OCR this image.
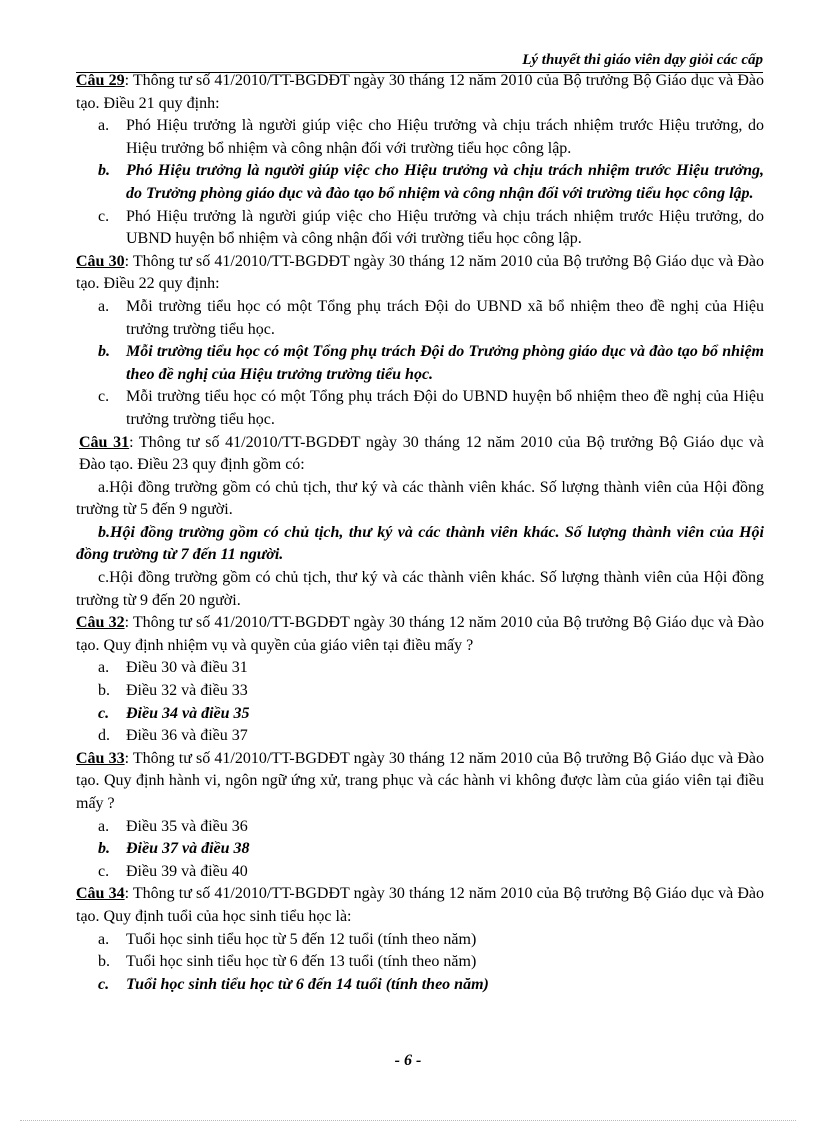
Lý thuyết thi giáo viên dạy giỏi các cấp
Câu 29: Thông tư số 41/2010/TT-BGDĐT ngày 30 tháng 12 năm 2010 của Bộ trưởng Bộ Giáo dục và Đào tạo. Điều 21 quy định:
a.	Phó Hiệu trưởng là người giúp việc cho Hiệu trưởng và chịu trách nhiệm trước Hiệu trưởng, do Hiệu trưởng bổ nhiệm và công nhận đối với trường tiểu học công lập.
b.	Phó Hiệu trưởng là người giúp việc cho Hiệu trưởng và chịu trách nhiệm trước Hiệu trưởng, do Trưởng phòng giáo dục và đào tạo bổ nhiệm và công nhận đối với trường tiểu học công lập.
c.	Phó Hiệu trưởng là người giúp việc cho Hiệu trưởng và chịu trách nhiệm trước Hiệu trưởng, do UBND huyện bổ nhiệm và công nhận đối với trường tiểu học công lập.
Câu 30: Thông tư số 41/2010/TT-BGDĐT ngày 30 tháng 12 năm 2010 của Bộ trưởng Bộ Giáo dục và Đào tạo. Điều 22 quy định:
a.	Mỗi trường tiểu học có một Tổng phụ trách Đội do UBND xã bổ nhiệm theo đề nghị của Hiệu trưởng trường tiểu học.
b.	Mỗi trường tiểu học có một Tổng phụ trách Đội do Trưởng phòng giáo dục và đào tạo bổ nhiệm theo đề nghị của Hiệu trưởng trường tiểu học.
c.	Mỗi trường tiểu học có một Tổng phụ trách Đội do UBND huyện bổ nhiệm theo đề nghị của Hiệu trưởng trường tiểu học.
Câu 31: Thông tư số 41/2010/TT-BGDĐT ngày 30 tháng 12 năm 2010 của Bộ trưởng Bộ Giáo dục và Đào tạo. Điều 23 quy định gồm có:
a.Hội đồng trường gồm có chủ tịch, thư ký và các thành viên khác. Số lượng thành viên của Hội đồng trường từ 5 đến 9 người.
b.Hội đồng trường gồm có chủ tịch, thư ký và các thành viên khác. Số lượng thành viên của Hội đồng trường từ 7 đến 11 người.
c.Hội đồng trường gồm có chủ tịch, thư ký và các thành viên khác. Số lượng thành viên của Hội đồng trường từ 9 đến 20 người.
Câu 32: Thông tư số 41/2010/TT-BGDĐT ngày 30 tháng 12 năm 2010 của Bộ trưởng Bộ Giáo dục và Đào tạo. Quy định nhiệm vụ và quyền của giáo viên tại điều mấy ?
a.	Điều 30 và điều 31
b.	Điều 32 và điều 33
c.	Điều 34 và điều 35
d.	Điều 36 và điều 37
Câu 33: Thông tư số 41/2010/TT-BGDĐT ngày 30 tháng 12 năm 2010 của Bộ trưởng Bộ Giáo dục và Đào tạo. Quy định hành vi, ngôn ngữ ứng xử, trang phục và các hành vi không được làm của giáo viên tại điều mấy ?
a.	Điều 35 và điều 36
b.	Điều 37 và điều 38
c.	Điều 39 và điều 40
Câu 34: Thông tư số 41/2010/TT-BGDĐT ngày 30 tháng 12 năm 2010 của Bộ trưởng Bộ Giáo dục và Đào tạo. Quy định tuổi của học sinh tiểu học là:
a.	Tuổi học sinh tiểu học từ 5 đến 12 tuổi (tính theo năm)
b.	Tuổi học sinh tiểu học từ 6 đến 13 tuổi (tính theo năm)
c.	Tuổi học sinh tiểu học từ 6 đến 14 tuổi (tính theo năm)
- 6 -
